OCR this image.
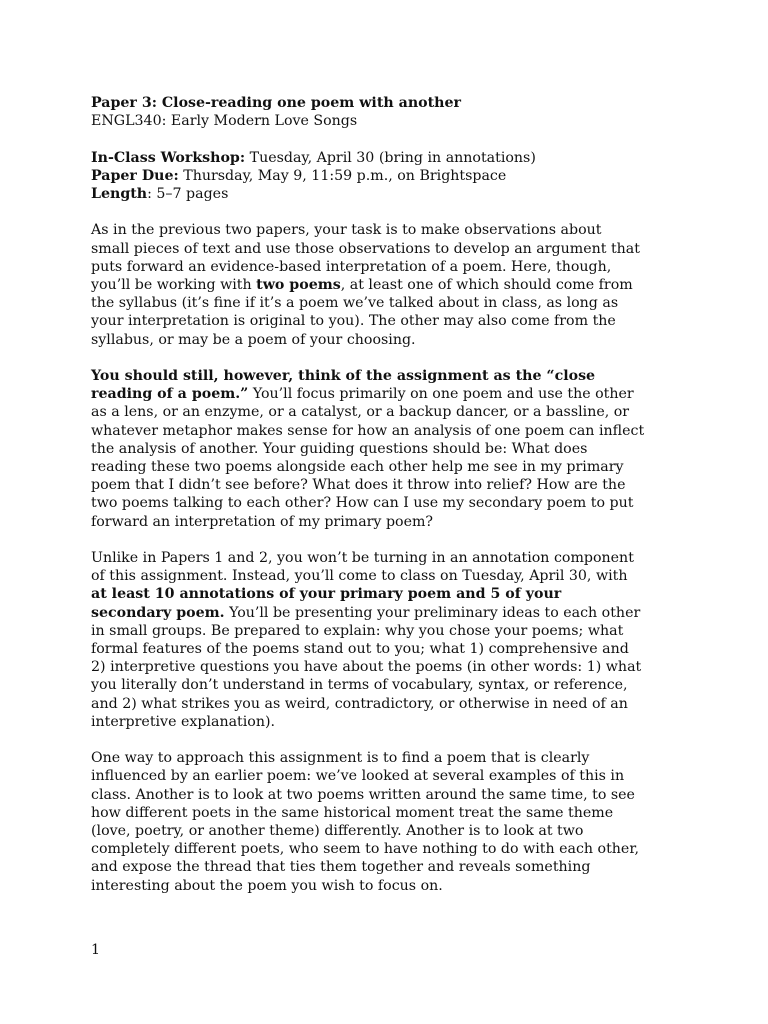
Paper 3: Close-reading one poem with another
ENGL340: Early Modern Love Songs
In-Class Workshop: Tuesday, April 30 (bring in annotations)
Paper Due: Thursday, May 9, 11:59 p.m., on Brightspace
Length: 5–7 pages
As in the previous two papers, your task is to make observations about
small pieces of text and use those observations to develop an argument that
puts forward an evidence-based interpretation of a poem. Here, though,
you’ll be working with two poems, at least one of which should come from
the syllabus (it’s fine if it’s a poem we’ve talked about in class, as long as
your interpretation is original to you). The other may also come from the
syllabus, or may be a poem of your choosing.
You should still, however, think of the assignment as the “close
reading of a poem.” You’ll focus primarily on one poem and use the other
as a lens, or an enzyme, or a catalyst, or a backup dancer, or a bassline, or
whatever metaphor makes sense for how an analysis of one poem can inflect
the analysis of another. Your guiding questions should be: What does
reading these two poems alongside each other help me see in my primary
poem that I didn’t see before? What does it throw into relief? How are the
two poems talking to each other? How can I use my secondary poem to put
forward an interpretation of my primary poem?
Unlike in Papers 1 and 2, you won’t be turning in an annotation component
of this assignment. Instead, you’ll come to class on Tuesday, April 30, with
at least 10 annotations of your primary poem and 5 of your
secondary poem. You’ll be presenting your preliminary ideas to each other
in small groups. Be prepared to explain: why you chose your poems; what
formal features of the poems stand out to you; what 1) comprehensive and
2) interpretive questions you have about the poems (in other words: 1) what
you literally don’t understand in terms of vocabulary, syntax, or reference,
and 2) what strikes you as weird, contradictory, or otherwise in need of an
interpretive explanation).
One way to approach this assignment is to find a poem that is clearly
influenced by an earlier poem: we’ve looked at several examples of this in
class. Another is to look at two poems written around the same time, to see
how different poets in the same historical moment treat the same theme
(love, poetry, or another theme) differently. Another is to look at two
completely different poets, who seem to have nothing to do with each other,
and expose the thread that ties them together and reveals something
interesting about the poem you wish to focus on.
1
